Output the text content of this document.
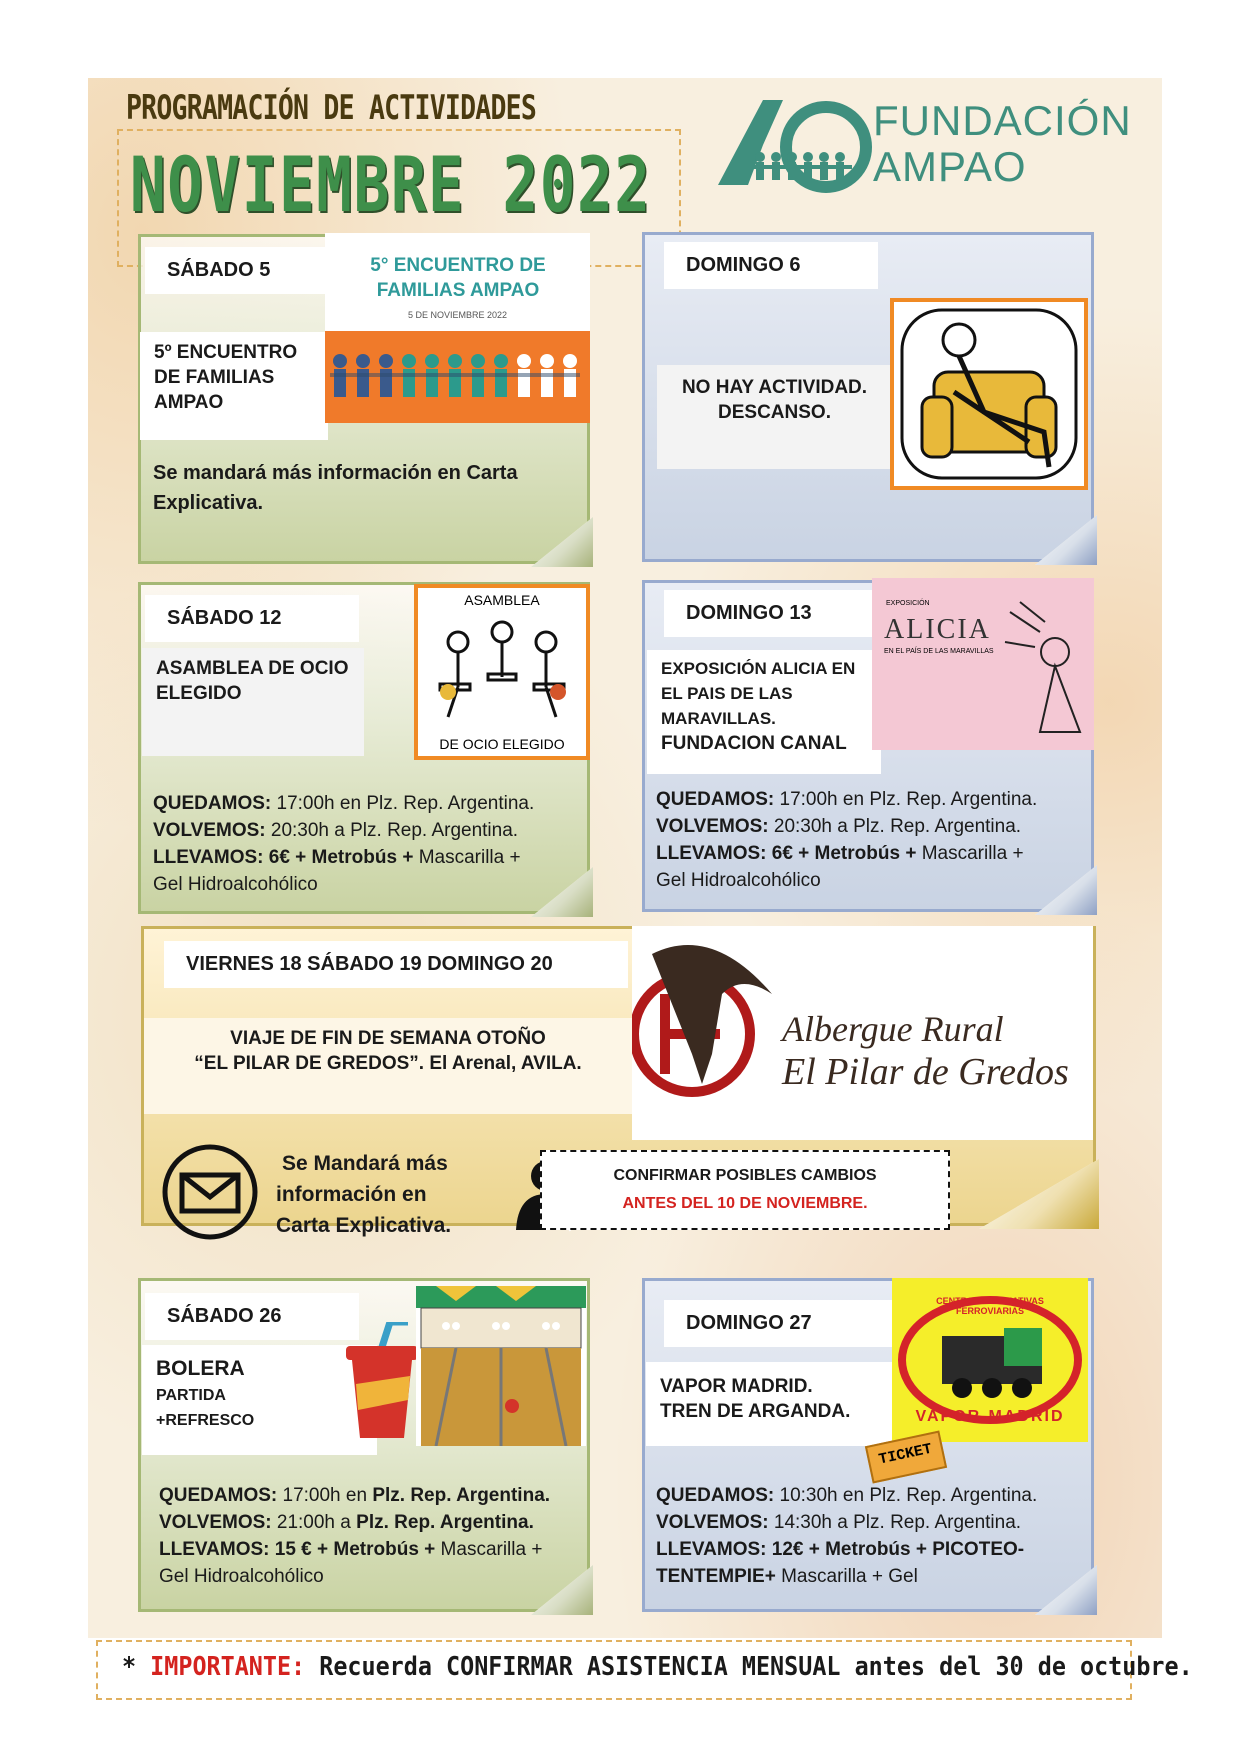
PROGRAMACIÓN DE ACTIVIDADES
NOVIEMBRE 2022
FUNDACIÓN
AMPAO
SÁBADO 5
5º ENCUENTRO DE FAMILIAS AMPAO
5° ENCUENTRO DE FAMILIAS AMPAO
5 DE NOVIEMBRE 2022
Se mandará más información en Carta Explicativa.
DOMINGO 6
NO HAY ACTIVIDAD.
DESCANSO.
SÁBADO 12
ASAMBLEA DE OCIO ELEGIDO
ASAMBLEA
DE OCIO ELEGIDO
QUEDAMOS: 17:00h en Plz. Rep. Argentina.
VOLVEMOS: 20:30h a Plz. Rep. Argentina.
LLEVAMOS: 6€ + Metrobús + Mascarilla +
Gel Hidroalcohólico
DOMINGO 13
EXPOSICIÓN ALICIA EN
EL PAIS DE LAS
MARAVILLAS.
FUNDACION CANAL
EXPOSICIÓN
ALICIA
EN EL PAÍS DE LAS MARAVILLAS
QUEDAMOS: 17:00h en Plz. Rep. Argentina.
VOLVEMOS: 20:30h a Plz. Rep. Argentina.
LLEVAMOS: 6€ + Metrobús + Mascarilla +
Gel Hidroalcohólico
VIERNES 18 SÁBADO 19 DOMINGO 20
VIAJE DE FIN DE SEMANA OTOÑO
“EL PILAR DE GREDOS”. El Arenal, AVILA.
Albergue Rural
El Pilar de Gredos
Se Mandará más
información en
Carta Explicativa.
CONFIRMAR POSIBLES CAMBIOS
ANTES DEL 10 DE NOVIEMBRE.
SÁBADO 26
BOLERA
PARTIDA
+REFRESCO
QUEDAMOS: 17:00h en Plz. Rep. Argentina.
VOLVEMOS: 21:00h a Plz. Rep. Argentina.
LLEVAMOS: 15 € + Metrobús + Mascarilla +
Gel Hidroalcohólico
DOMINGO 27
VAPOR MADRID.
TREN DE ARGANDA.
CENTRO DE INICIATIVAS FERROVIARIAS
VAPOR-MADRID
TICKET
QUEDAMOS: 10:30h en Plz. Rep. Argentina.
VOLVEMOS: 14:30h a Plz. Rep. Argentina.
LLEVAMOS: 12€ + Metrobús + PICOTEO-
TENTEMPIE+ Mascarilla + Gel
* IMPORTANTE: Recuerda CONFIRMAR ASISTENCIA MENSUAL antes del 30 de octubre.
